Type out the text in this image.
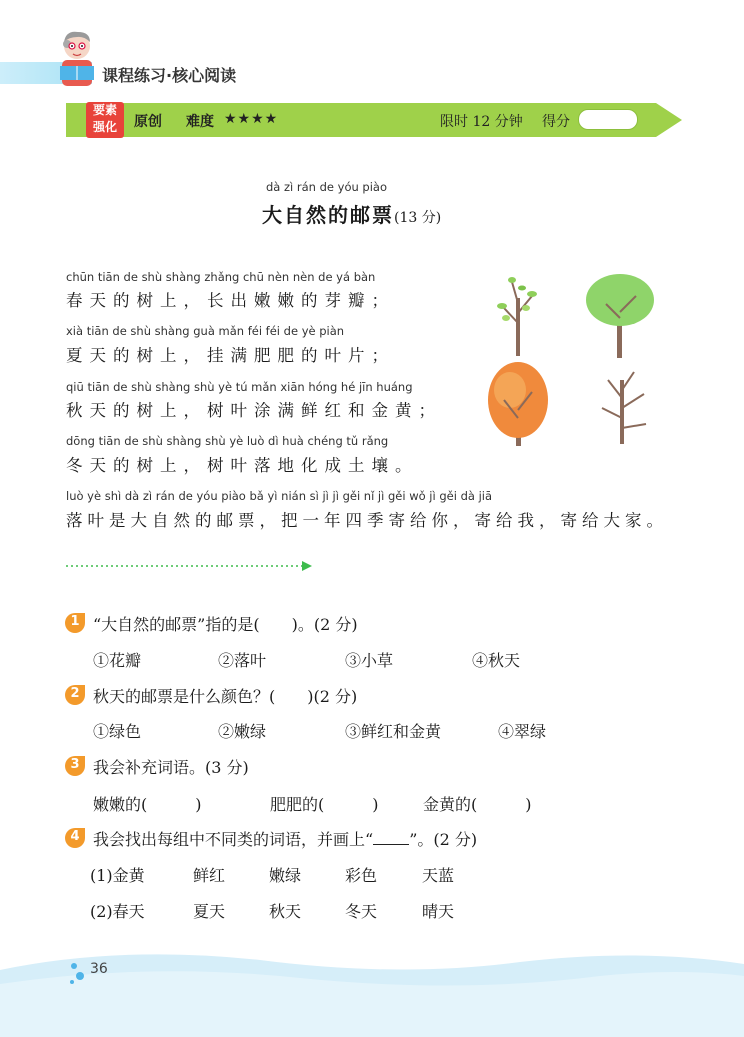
课程练习·核心阅读
要素
强化	原创 难度 ★★★★	限时 12 分钟 得分
dà zì rán de yóu piào
大自然的邮票(13 分)
chūn tiān de shù shàng zhǎng chū nèn nèn de yá bàn
春天的树上，长出嫩嫩的芽瓣；
xià tiān de shù shàng guà mǎn féi féi de yè piàn
夏天的树上，挂满肥肥的叶片；
qiū tiān de shù shàng shù yè tú mǎn xiān hóng hé jīn huáng
秋天的树上，树叶涂满鲜红和金黄；
dōng tiān de shù shàng shù yè luò dì huà chéng tǔ rǎng
冬天的树上，树叶落地化成土壤。
luò yè shì dà zì rán de yóu piào bǎ yì nián sì jì jì gěi nǐ jì gěi wǒ jì gěi dà jiā
落叶是大自然的邮票，把一年四季寄给你，寄给我，寄给大家。
1 “大自然的邮票”指的是(　　)。(2 分)
①花瓣	②落叶	③小草	④秋天
2 秋天的邮票是什么颜色？(　　)(2 分)
①绿色	②嫩绿	③鲜红和金黄	④翠绿
3 我会补充词语。(3 分)
嫩嫩的(　　　)	肥肥的(　　　)	金黄的(　　　)
4 我会找出每组中不同类的词语，并画上“ ”。(2 分)
(1)金黄	鲜红	嫩绿	彩色	天蓝
(2)春天	夏天	秋天	冬天	晴天
36
